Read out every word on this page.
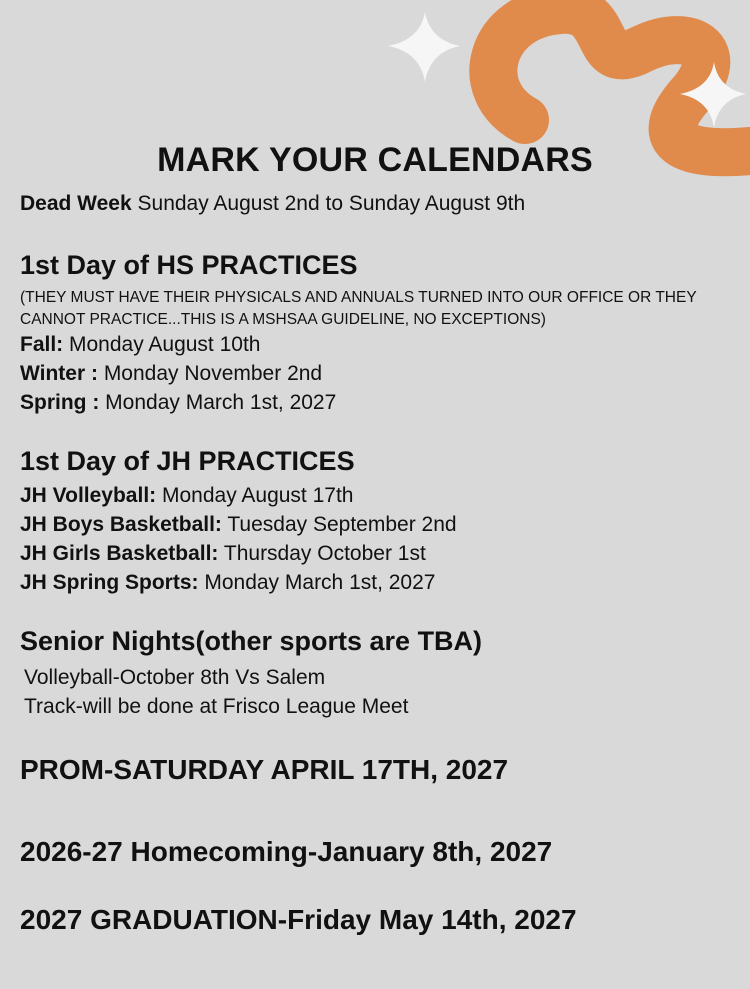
MARK YOUR CALENDARS
Dead Week Sunday August 2nd to Sunday August 9th
1st Day of HS PRACTICES
(THEY MUST HAVE THEIR PHYSICALS AND ANNUALS TURNED INTO OUR OFFICE OR THEY
CANNOT PRACTICE...THIS IS A MSHSAA GUIDELINE, NO EXCEPTIONS)
Fall: Monday August 10th
Winter : Monday November 2nd
Spring : Monday March 1st, 2027
1st Day of JH PRACTICES
JH Volleyball: Monday August 17th
JH Boys Basketball: Tuesday September 2nd
JH Girls Basketball: Thursday October 1st
JH Spring Sports: Monday March 1st, 2027
Senior Nights(other sports are TBA)
Volleyball-October 8th Vs Salem
Track-will be done at Frisco League Meet
PROM-SATURDAY APRIL 17TH, 2027
2026-27 Homecoming-January 8th, 2027
2027 GRADUATION-Friday May 14th, 2027
